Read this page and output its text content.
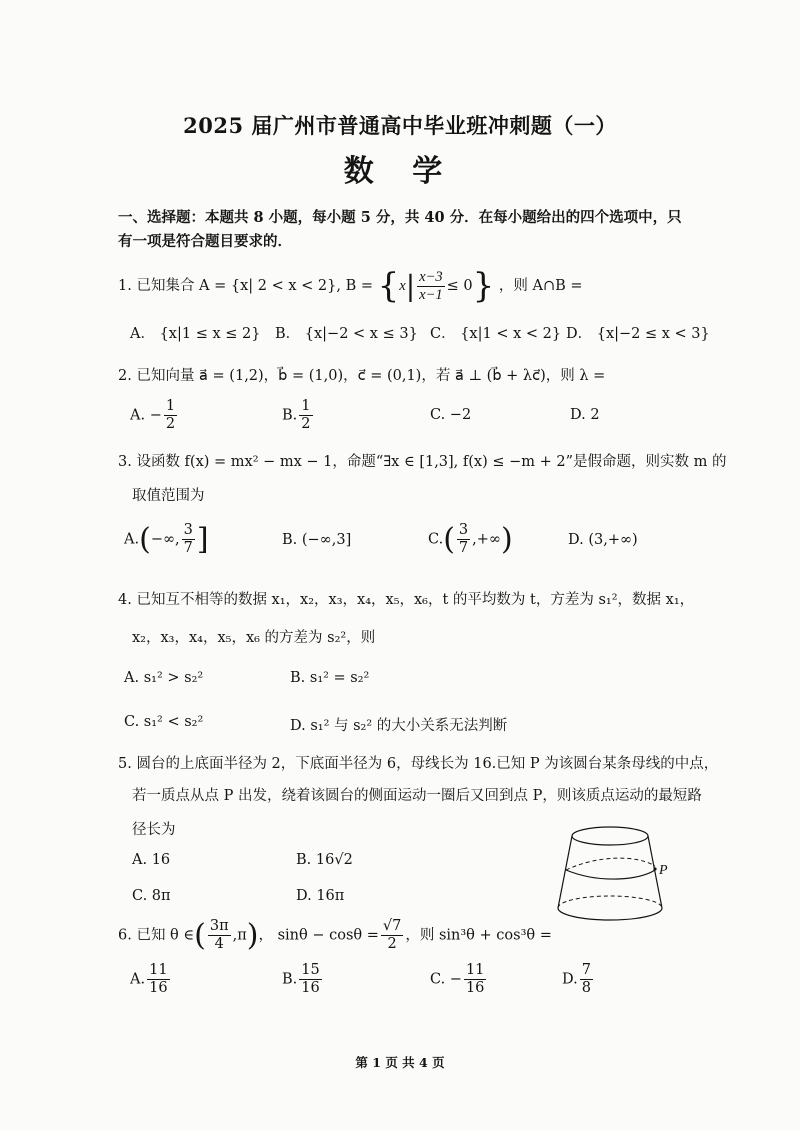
2025 届广州市普通高中毕业班冲刺题（一）
数 学
一、选择题：本题共 8 小题，每小题 5 分，共 40 分．在每小题给出的四个选项中，只有一项是符合题目要求的．
1. 已知集合 A = {x| 2 < x < 2}, $B = \{x| \frac{x-3}{x-1} \le 0\}$ ，则 A∩B =
A． {x|1 ≤ x ≤ 2} B． {x|−2 < x ≤ 3} C． {x|1 < x < 2} D． {x|−2 ≤ x < 3}
2. 已知向量 a⃗ = (1,2)，b⃗ = (1,0)，c⃗ = (0,1)，若 a⃗ ⊥ (b⃗ + λc⃗)，则 λ =
A. − $\frac{1}{2}$	B. $\frac{1}{2}$	C. −2	D. 2
3. 设函数 f(x) = mx² − mx − 1，命题“∃x ∈ [1,3], f(x) ≤ −m + 2”是假命题，则实数 m 的
取值范围为
A.(−∞, $\frac{3}{7}$ ]	B. (−∞,3]	$C.( \frac{3}{7}$ ,+∞)	D. (3,+∞)
4. 已知互不相等的数据 x₁，x₂，x₃，x₄，x₅，x₆，t 的平均数为 t，方差为 s₁²，数据 x₁，
x₂，x₃，x₄，x₅，x₆ 的方差为 s₂²，则
A. s₁² > s₂²	B. s₁² = s₂²
C. s₁² < s₂²	D. s₁² 与 s₂² 的大小关系无法判断
5. 圆台的上底面半径为 2，下底面半径为 6，母线长为 16.已知 P 为该圆台某条母线的中点，
若一质点从点 P 出发，绕着该圆台的侧面运动一圈后又回到点 P，则该质点运动的最短路
径长为
A. 16	B. 16√2
C. 8π	D. 16π
P
6. 已知 θ ∈( $\frac{3\pi}{4} ,\pi$)， $\sin\theta - \cos\theta = \frac{√7}{2}$ ，则 sin³θ + cos³θ =
A. $\frac{11}{16}$	B. $\frac{15}{16}$	C. − $\frac{11}{16}$	D. $\frac{7}{8}$
第 1 页 共 4 页
